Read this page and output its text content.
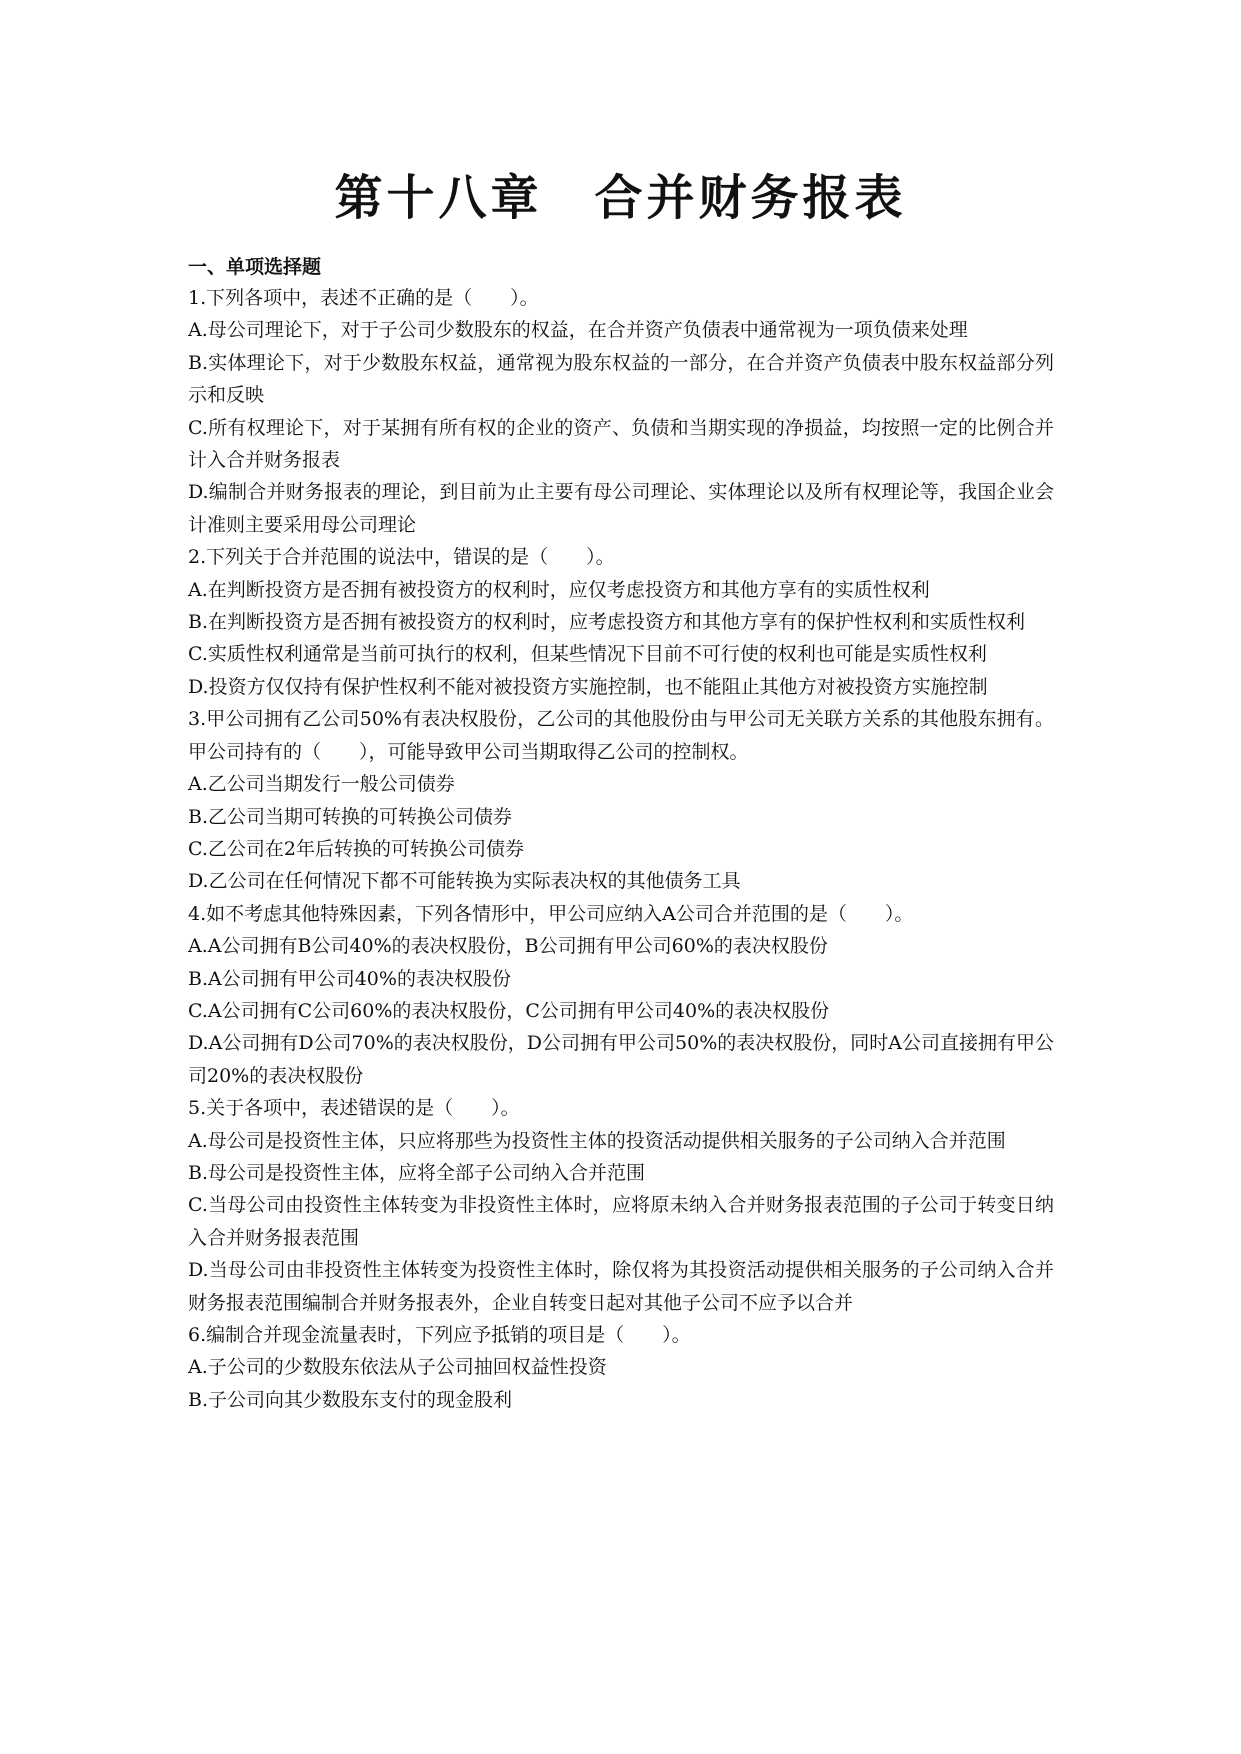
第十八章　合并财务报表
一、单项选择题

1.下列各项中，表述不正确的是（　　）。

A.母公司理论下，对于子公司少数股东的权益，在合并资产负债表中通常视为一项负债来处理
B.实体理论下，对于少数股东权益，通常视为股东权益的一部分，在合并资产负债表中股东权益部分列示和反映
C.所有权理论下，对于某拥有所有权的企业的资产、负债和当期实现的净损益，均按照一定的比例合并计入合并财务报表
D.编制合并财务报表的理论，到目前为止主要有母公司理论、实体理论以及所有权理论等，我国企业会计准则主要采用母公司理论

2.下列关于合并范围的说法中，错误的是（　　）。

A.在判断投资方是否拥有被投资方的权利时，应仅考虑投资方和其他方享有的实质性权利
B.在判断投资方是否拥有被投资方的权利时，应考虑投资方和其他方享有的保护性权利和实质性权利
C.实质性权利通常是当前可执行的权利，但某些情况下目前不可行使的权利也可能是实质性权利
D.投资方仅仅持有保护性权利不能对被投资方实施控制，也不能阻止其他方对被投资方实施控制

3.甲公司拥有乙公司50%有表决权股份，乙公司的其他股份由与甲公司无关联方关系的其他股东拥有。甲公司持有的（　　），可能导致甲公司当期取得乙公司的控制权。

A.乙公司当期发行一般公司债券
B.乙公司当期可转换的可转换公司债券
C.乙公司在2年后转换的可转换公司债券
D.乙公司在任何情况下都不可能转换为实际表决权的其他债务工具

4.如不考虑其他特殊因素，下列各情形中，甲公司应纳入A公司合并范围的是（　　）。

A.A公司拥有B公司40%的表决权股份，B公司拥有甲公司60%的表决权股份
B.A公司拥有甲公司40%的表决权股份
C.A公司拥有C公司60%的表决权股份，C公司拥有甲公司40%的表决权股份
D.A公司拥有D公司70%的表决权股份，D公司拥有甲公司50%的表决权股份，同时A公司直接拥有甲公司20%的表决权股份

5.关于各项中，表述错误的是（　　）。

A.母公司是投资性主体，只应将那些为投资性主体的投资活动提供相关服务的子公司纳入合并范围
B.母公司是投资性主体，应将全部子公司纳入合并范围
C.当母公司由投资性主体转变为非投资性主体时，应将原未纳入合并财务报表范围的子公司于转变日纳入合并财务报表范围
D.当母公司由非投资性主体转变为投资性主体时，除仅将为其投资活动提供相关服务的子公司纳入合并财务报表范围编制合并财务报表外，企业自转变日起对其他子公司不应予以合并

6.编制合并现金流量表时，下列应予抵销的项目是（　　）。

A.子公司的少数股东依法从子公司抽回权益性投资
B.子公司向其少数股东支付的现金股利
